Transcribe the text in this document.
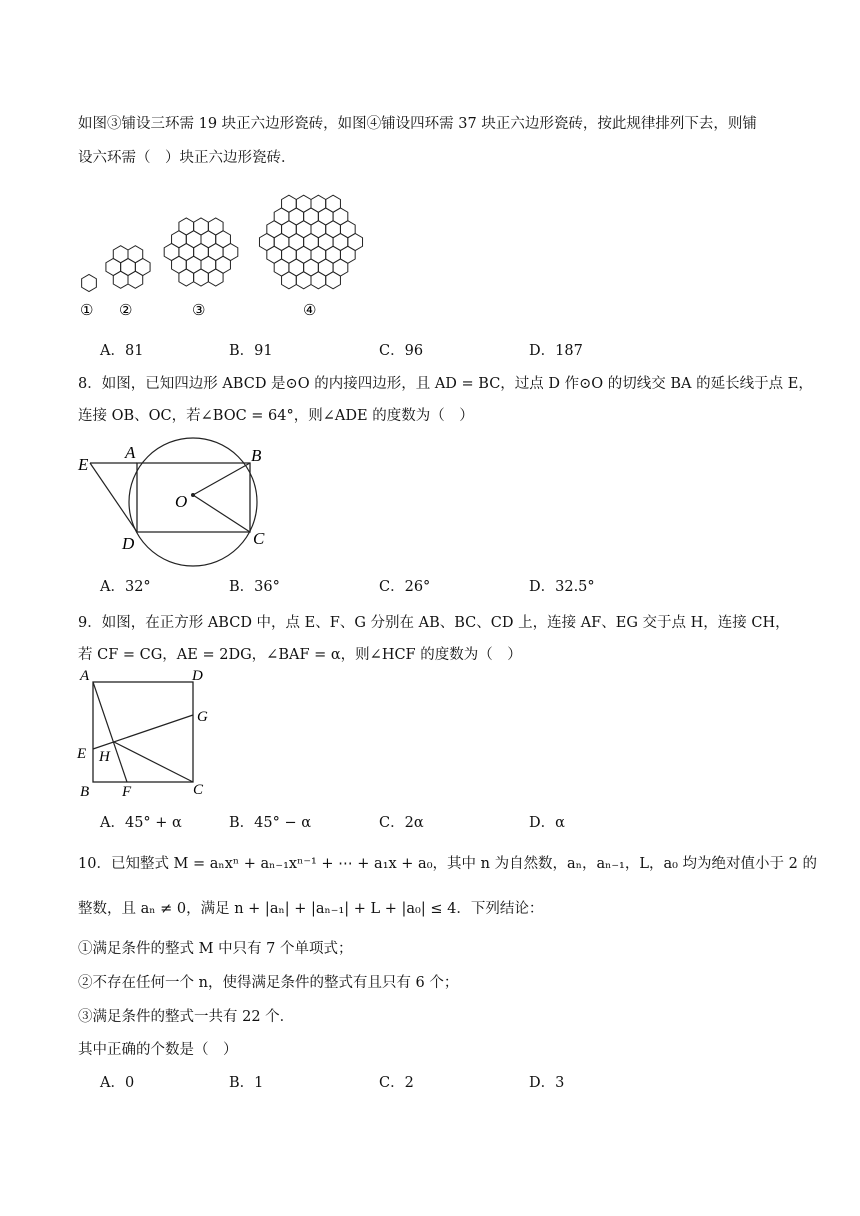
如图③铺设三环需 19 块正六边形瓷砖，如图④铺设四环需 37 块正六边形瓷砖，按此规律排列下去，则铺
设六环需（　）块正六边形瓷砖．
① ②	③	④
A．81	B．91	C．96	D．187
8．如图，已知四边形 ABCD 是⊙O 的内接四边形，且 AD = BC，过点 D 作⊙O 的切线交 BA 的延长线于点 E，
连接 OB、OC，若∠BOC = 64°，则∠ADE 的度数为（　）
E
A	B
O
D	C
A．32°	B．36°	C．26°	D．32.5°
9．如图，在正方形 ABCD 中，点 E、F、G 分别在 AB、BC、CD 上，连接 AF、EG 交于点 H，连接 CH，
若 CF = CG，AE = 2DG，∠BAF = α，则∠HCF 的度数为（　）
A	D
G
E H
B F	C
A．45° + α	B．45° − α	C．2α	D．α
10．已知整式 M = aₙxⁿ + aₙ₋₁xⁿ⁻¹ + ⋯ + a₁x + a₀，其中 n 为自然数，aₙ，aₙ₋₁，L，a₀ 均为绝对值小于 2 的
整数，且 aₙ ≠ 0，满足 n + |aₙ| + |aₙ₋₁| + L + |a₀| ≤ 4．下列结论：
①满足条件的整式 M 中只有 7 个单项式；
②不存在任何一个 n，使得满足条件的整式有且只有 6 个；
③满足条件的整式一共有 22 个．
其中正确的个数是（　）
A．0	B．1	C．2	D．3
